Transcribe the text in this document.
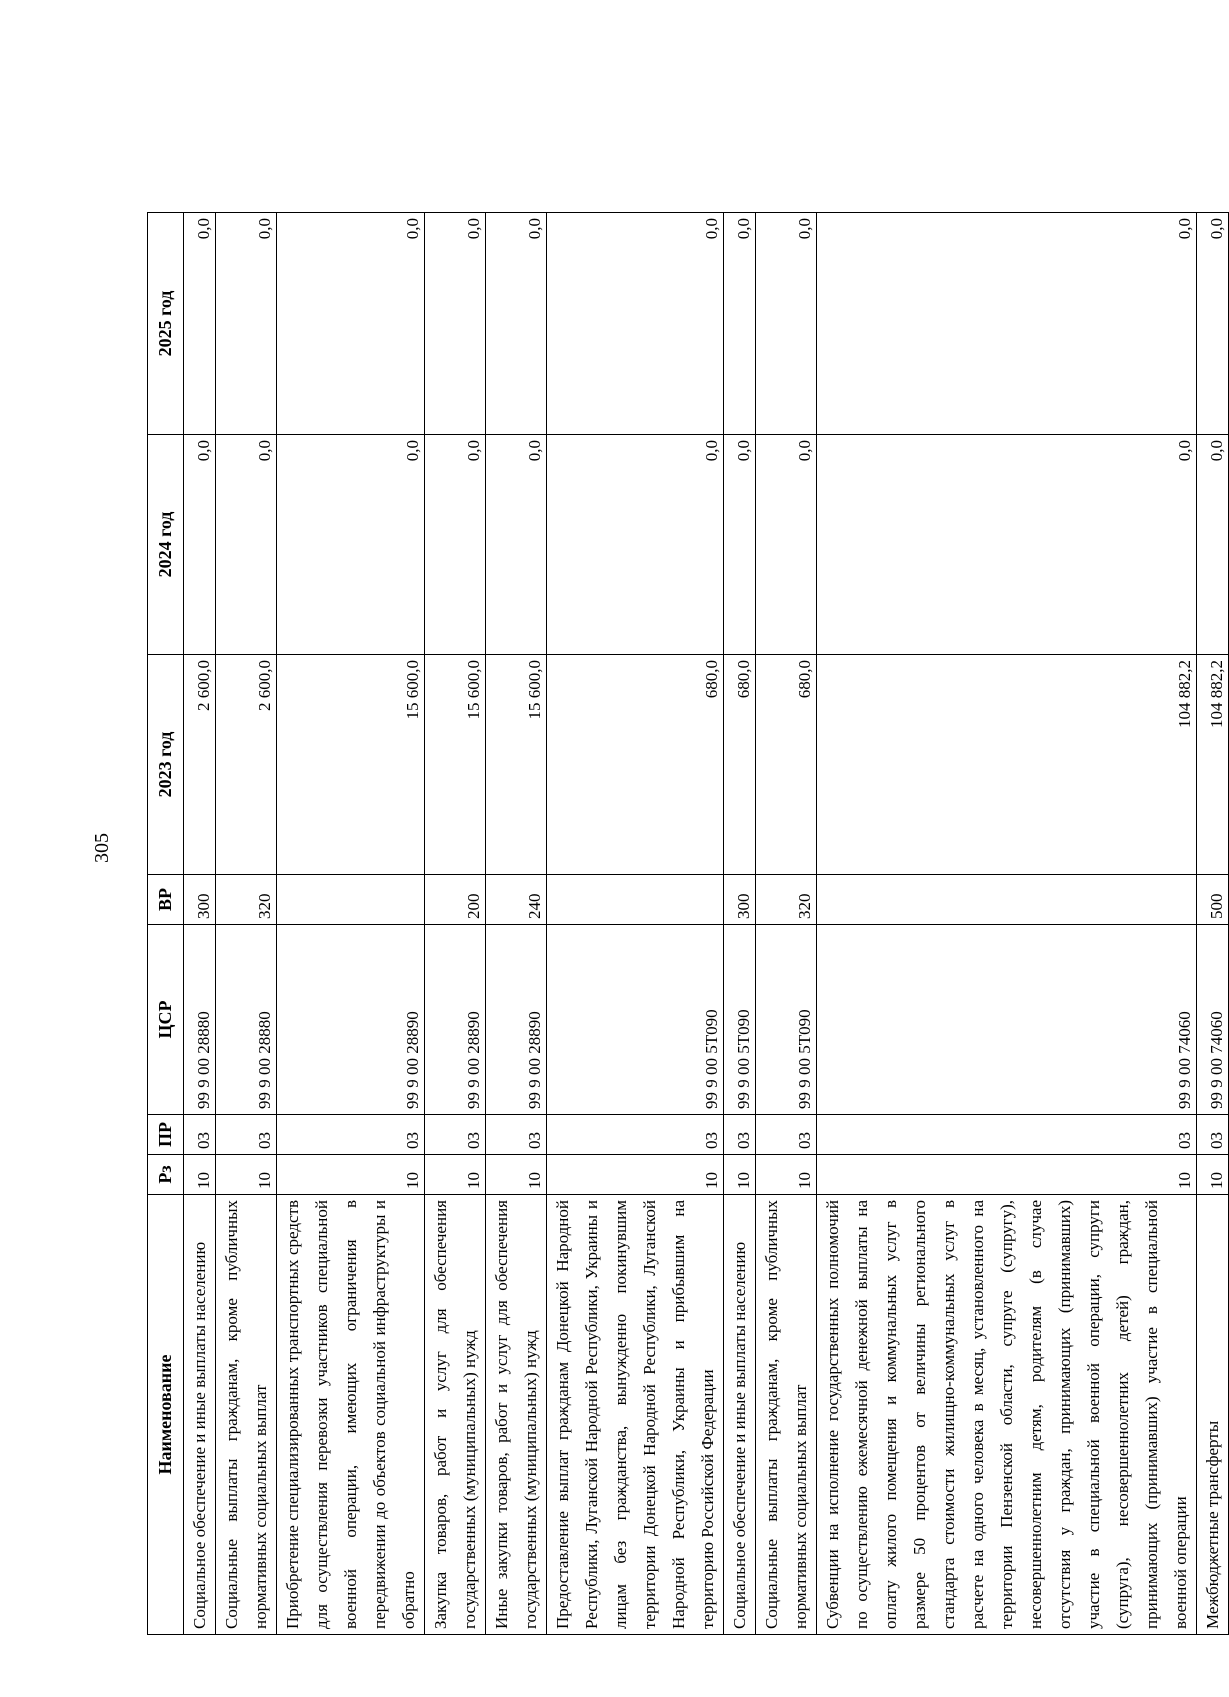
305
Наименование	Рз	ПР	ЦСР	ВР	2023 год	2024 год	2025 год
Социальное обеспечение и иные выплаты населению	10	03	99 9 00 28880	300	2 600,0	0,0	0,0
Социальные выплаты гражданам, кроме публичных нормативных социальных выплат	10	03	99 9 00 28880	320	2 600,0	0,0	0,0
Приобретение специализированных транспортных средств для осуществления перевозки участников специальной военной операции, имеющих ограничения в передвижении до объектов социальной инфраструктуры и обратно	10	03	99 9 00 28890		15 600,0	0,0	0,0
Закупка товаров, работ и услуг для обеспечения государственных (муниципальных) нужд	10	03	99 9 00 28890	200	15 600,0	0,0	0,0
Иные закупки товаров, работ и услуг для обеспечения государственных (муниципальных) нужд	10	03	99 9 00 28890	240	15 600,0	0,0	0,0
Предоставление выплат гражданам Донецкой Народной Республики, Луганской Народной Республики, Украины и лицам без гражданства, вынужденно покинувшим территории Донецкой Народной Республики, Луганской Народной Республики, Украины и прибывшим на территорию Российской Федерации	10	03	99 9 00 5T090		680,0	0,0	0,0
Социальное обеспечение и иные выплаты населению	10	03	99 9 00 5T090	300	680,0	0,0	0,0
Социальные выплаты гражданам, кроме публичных нормативных социальных выплат	10	03	99 9 00 5T090	320	680,0	0,0	0,0
Субвенции на исполнение государственных полномочий по осуществлению ежемесячной денежной выплаты на оплату жилого помещения и коммунальных услуг в размере 50 процентов от величины регионального стандарта стоимости жилищно-коммунальных услуг в расчете на одного человека в месяц, установленного на территории Пензенской области, супруге (супругу), несовершеннолетним детям, родителям (в случае отсутствия у граждан, принимающих (принимавших) участие в специальной военной операции, супруги (супруга), несовершеннолетних детей) граждан, принимающих (принимавших) участие в специальной военной операции	10	03	99 9 00 74060		104 882,2	0,0	0,0
Межбюджетные трансферты	10	03	99 9 00 74060	500	104 882,2	0,0	0,0
